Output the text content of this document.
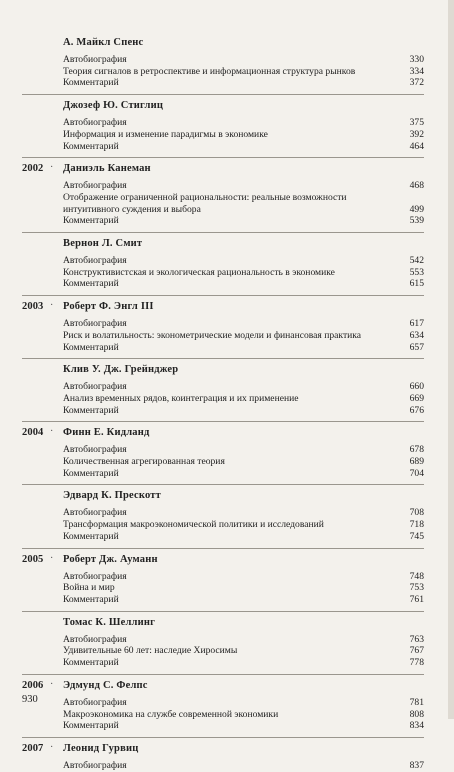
А. Майкл Спенс
Автобиография	330
Теория сигналов в ретроспективе и информационная структура рынков	334
Комментарий	372
Джозеф Ю. Стиглиц
Автобиография	375
Информация и изменение парадигмы в экономике	392
Комментарий	464
2002 · Даниэль Канеман
Автобиография	468
Отображение ограниченной рациональности: реальные возможности интуитивного суждения и выбора	499
Комментарий	539
Вернон Л. Смит
Автобиография	542
Конструктивистская и экологическая рациональность в экономике	553
Комментарий	615
2003 · Роберт Ф. Энгл III
Автобиография	617
Риск и волатильность: эконометрические модели и финансовая практика	634
Комментарий	657
Клив У. Дж. Грейнджер
Автобиография	660
Анализ временных рядов, коинтеграция и их применение	669
Комментарий	676
2004 · Финн Е. Кидланд
Автобиография	678
Количественная агрегированная теория	689
Комментарий	704
Эдвард К. Прескотт
Автобиография	708
Трансформация макроэкономической политики и исследований	718
Комментарий	745
2005 · Роберт Дж. Ауманн
Автобиография	748
Война и мир	753
Комментарий	761
Томас К. Шеллинг
Автобиография	763
Удивительные 60 лет: наследие Хиросимы	767
Комментарий	778
2006 · Эдмунд С. Фелпс
Автобиография	781
Макроэкономика на службе современной экономики	808
Комментарий	834
2007 · Леонид Гурвиц
Автобиография	837
930
